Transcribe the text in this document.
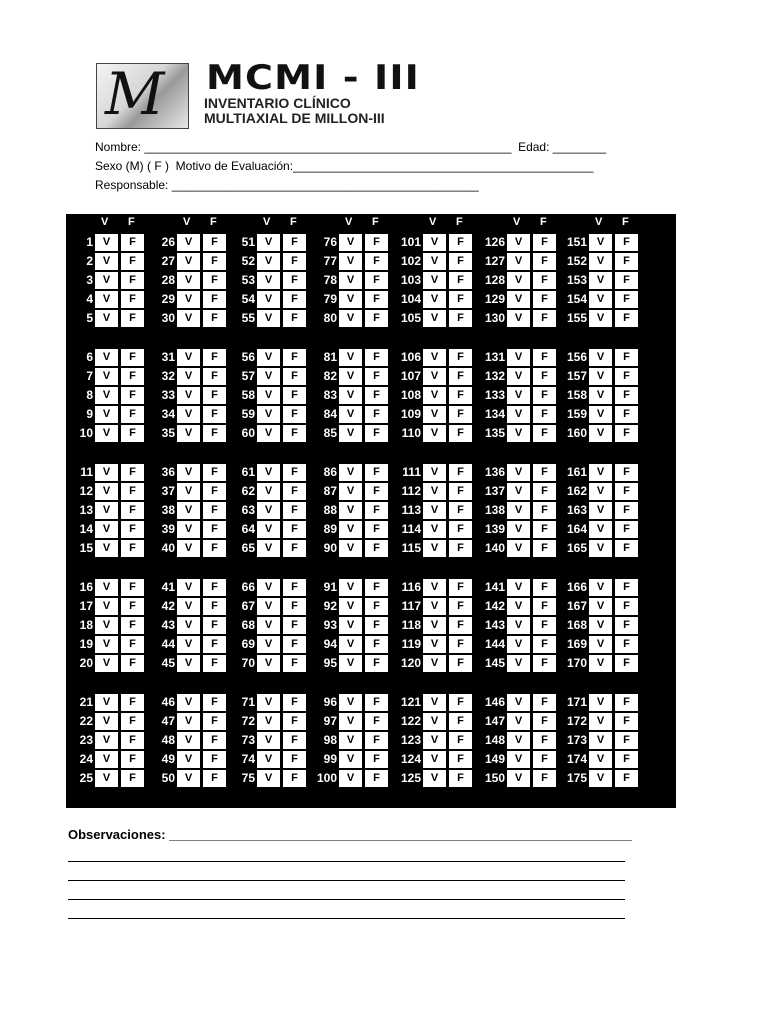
M MCMI - III
INVENTARIO CLÍNICO
MULTIAXIAL DE MILLON-III
Nombre: _______________________________________________________  Edad: ________
Sexo (M) ( F )  Motivo de Evaluación:_____________________________________________
Responsable: ______________________________________________
Observaciones: ________________________________________________________________
V F
1 V	F
2 V	F
3 V	F
4 V	F
5 V	F
6 V	F
7 V	F
8 V	F
9 V	F
10 V	F
11 V	F
12 V	F
13 V	F
14 V	F
15 V	F
16 V	F
17 V	F
18 V	F
19 V	F
20 V	F
21 V	F
22 V	F
23 V	F
24 V	F
25 V	F
V F
26 V	F
27 V	F
28 V	F
29 V	F
30 V	F
31 V	F
32 V	F
33 V	F
34 V	F
35 V	F
36 V	F
37 V	F
38 V	F
39 V	F
40 V	F
41 V	F
42 V	F
43 V	F
44 V	F
45 V	F
46 V	F
47 V	F
48 V	F
49 V	F
50 V	F
V F
51 V	F
52 V	F
53 V	F
54 V	F
55 V	F
56 V	F
57 V	F
58 V	F
59 V	F
60 V	F
61 V	F
62 V	F
63 V	F
64 V	F
65 V	F
66 V	F
67 V	F
68 V	F
69 V	F
70 V	F
71 V	F
72 V	F
73 V	F
74 V	F
75 V	F
V F
76 V	F
77 V	F
78 V	F
79 V	F
80 V	F
81 V	F
82 V	F
83 V	F
84 V	F
85 V	F
86 V	F
87 V	F
88 V	F
89 V	F
90 V	F
91 V	F
92 V	F
93 V	F
94 V	F
95 V	F
96 V	F
97 V	F
98 V	F
99 V	F
100 V	F
V F
101 V	F
102 V	F
103 V	F
104 V	F
105 V	F
106 V	F
107 V	F
108 V	F
109 V	F
110 V	F
111 V	F
112 V	F
113 V	F
114 V	F
115 V	F
116 V	F
117 V	F
118 V	F
119 V	F
120 V	F
121 V	F
122 V	F
123 V	F
124 V	F
125 V	F
V F
126 V	F
127 V	F
128 V	F
129 V	F
130 V	F
131 V	F
132 V	F
133 V	F
134 V	F
135 V	F
136 V	F
137 V	F
138 V	F
139 V	F
140 V	F
141 V	F
142 V	F
143 V	F
144 V	F
145 V	F
146 V	F
147 V	F
148 V	F
149 V	F
150 V	F
V F
151 V	F
152 V	F
153 V	F
154 V	F
155 V	F
156 V	F
157 V	F
158 V	F
159 V	F
160 V	F
161 V	F
162 V	F
163 V	F
164 V	F
165 V	F
166 V	F
167 V	F
168 V	F
169 V	F
170 V	F
171 V	F
172 V	F
173 V	F
174 V	F
175 V	F
